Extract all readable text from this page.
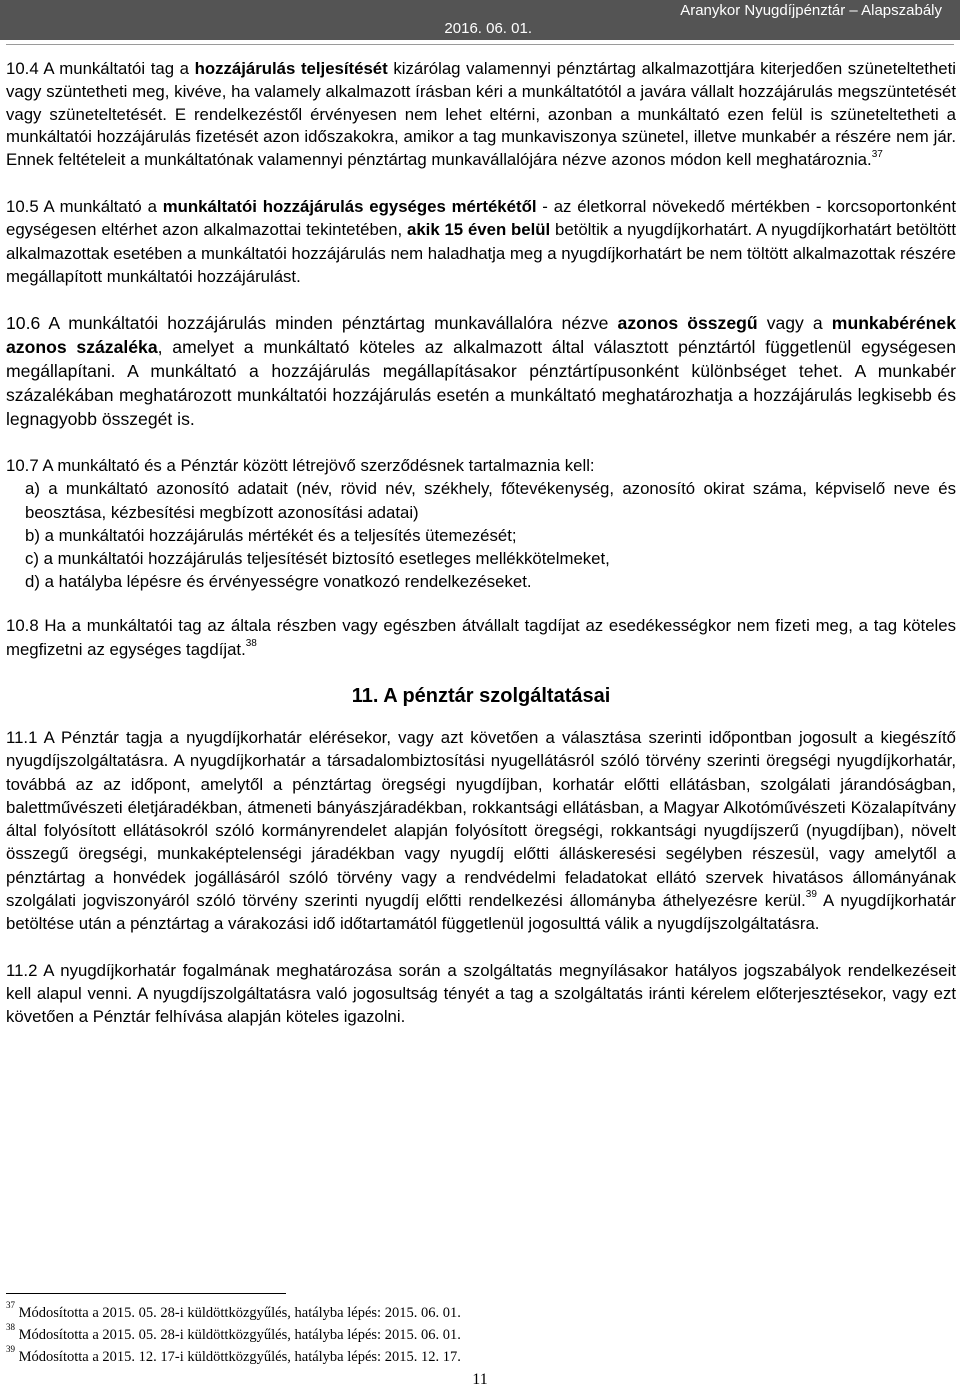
Aranykor Nyugdíjpénztár – Alapszabály
2016. 06. 01.

10.4 A munkáltatói tag a hozzájárulás teljesítését kizárólag valamennyi pénztártag alkalmazottjára kiterjedően szüneteltetheti vagy szüntetheti meg, kivéve, ha valamely alkalmazott írásban kéri a munkáltatótól a javára vállalt hozzájárulás megszüntetését vagy szüneteltetését. E rendelkezéstől érvényesen nem lehet eltérni, azonban a munkáltató ezen felül is szüneteltetheti a munkáltatói hozzájárulás fizetését azon időszakokra, amikor a tag munkaviszonya szünetel, illetve munkabér a részére nem jár. Ennek feltételeit a munkáltatónak valamennyi pénztártag munkavállalójára nézve azonos módon kell meghatároznia.$^{37}$

10.5 A munkáltató a munkáltatói hozzájárulás egységes mértékétől - az életkorral növekedő mértékben - korcsoportonként egységesen eltérhet azon alkalmazottai tekintetében, akik 15 éven belül betöltik a nyugdíjkorhatárt. A nyugdíjkorhatárt betöltött alkalmazottak esetében a munkáltatói hozzájárulás nem haladhatja meg a nyugdíjkorhatárt be nem töltött alkalmazottak részére megállapított munkáltatói hozzájárulást.

10.6 A munkáltatói hozzájárulás minden pénztártag munkavállalóra nézve azonos összegű vagy a munkabérének azonos százaléka, amelyet a munkáltató köteles az alkalmazott által választott pénztártól függetlenül egységesen megállapítani. A munkáltató a hozzájárulás megállapításakor pénztártípusonként különbséget tehet. A munkabér százalékában meghatározott munkáltatói hozzájárulás esetén a munkáltató meghatározhatja a hozzájárulás legkisebb és legnagyobb összegét is.

10.7 A munkáltató és a Pénztár között létrejövő szerződésnek tartalmaznia kell:
a) a munkáltató azonosító adatait (név, rövid név, székhely, főtevékenység, azonosító okirat száma, képviselő neve és beosztása, kézbesítési megbízott azonosítási adatai)
b) a munkáltatói hozzájárulás mértékét és a teljesítés ütemezését;
c) a munkáltatói hozzájárulás teljesítését biztosító esetleges mellékkötelmeket,
d) a hatályba lépésre és érvényességre vonatkozó rendelkezéseket.

10.8 Ha a munkáltatói tag az általa részben vagy egészben átvállalt tagdíjat az esedékességkor nem fizeti meg, a tag köteles megfizetni az egységes tagdíjat.$^{38}$

11. A pénztár szolgáltatásai

11.1 A Pénztár tagja a nyugdíjkorhatár elérésekor, vagy azt követően a választása szerinti időpontban jogosult a kiegészítő nyugdíjszolgáltatásra. A nyugdíjkorhatár a társadalombiztosítási nyugellátásról szóló törvény szerinti öregségi nyugdíjkorhatár, továbbá az az időpont, amelytől a pénztártag öregségi nyugdíjban, korhatár előtti ellátásban, szolgálati járandóságban, balettművészeti életjáradékban, átmeneti bányászjáradékban, rokkantsági ellátásban, a Magyar Alkotóművészeti Közalapítvány által folyósított ellátásokról szóló kormányrendelet alapján folyósított öregségi, rokkantsági nyugdíjszerű (nyugdíjban), növelt összegű öregségi, munkaképtelenségi járadékban vagy nyugdíj előtti álláskeresési segélyben részesül, vagy amelytől a pénztártag a honvédek jogállásáról szóló törvény vagy a rendvédelmi feladatokat ellátó szervek hivatásos állományának szolgálati jogviszonyáról szóló törvény szerinti nyugdíj előtti rendelkezési állományba áthelyezésre kerül.$^{39}$ A nyugdíjkorhatár betöltése után a pénztártag a várakozási idő időtartamától függetlenül jogosulttá válik a nyugdíjszolgáltatásra.

11.2 A nyugdíjkorhatár fogalmának meghatározása során a szolgáltatás megnyílásakor hatályos jogszabályok rendelkezéseit kell alapul venni. A nyugdíjszolgáltatásra való jogosultság tényét a tag a szolgáltatás iránti kérelem előterjesztésekor, vagy ezt követően a Pénztár felhívása alapján köteles igazolni.

$^{37}$ Módosította a 2015. 05. 28-i küldöttközgyűlés, hatályba lépés: 2015. 06. 01.
$^{38}$ Módosította a 2015. 05. 28-i küldöttközgyűlés, hatályba lépés: 2015. 06. 01.
$^{39}$ Módosította a 2015. 12. 17-i küldöttközgyűlés, hatályba lépés: 2015. 12. 17.
11
